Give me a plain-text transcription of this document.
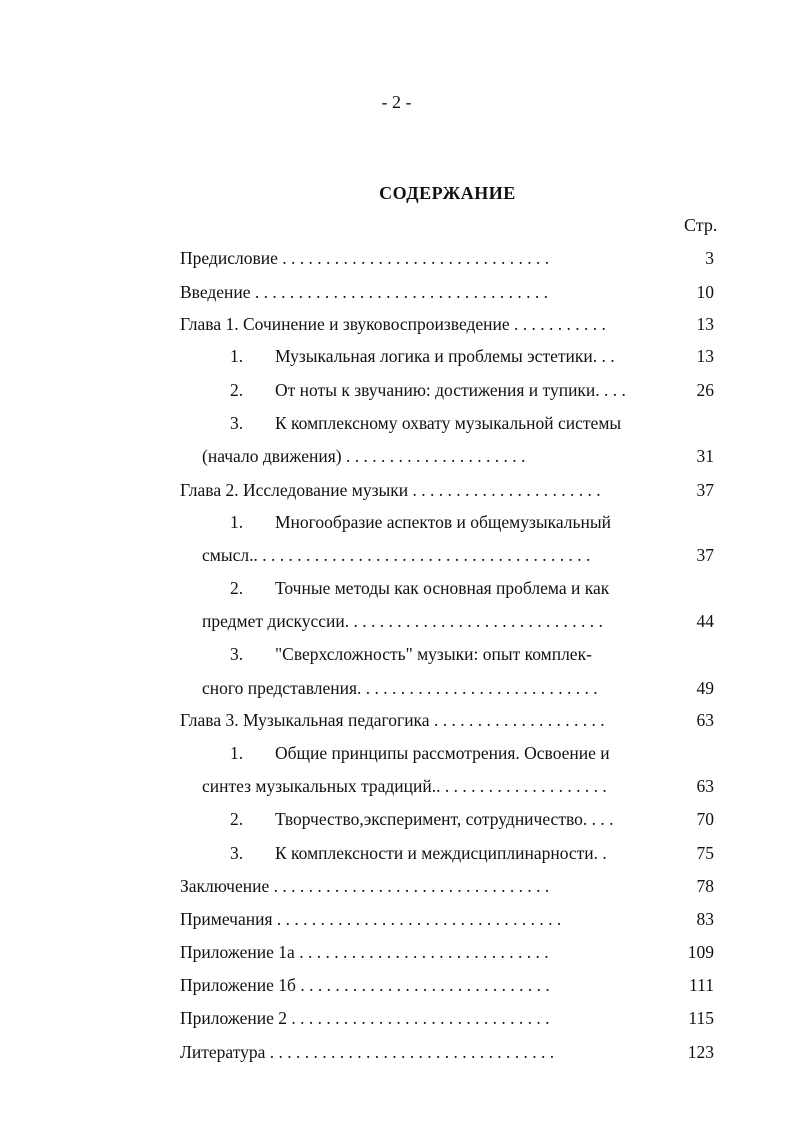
- 2 -
СОДЕРЖАНИЕ
Стр.
Предисловие . . . . . . . . . . . . . . . . . . . . . . . . . . . . . . .	3
Введение . . . . . . . . . . . . . . . . . . . . . . . . . . . . . . . . . .	10
Глава 1. Сочинение и звуковоспроизведение . . . . . . . . . . .	13
1. Музыкальная логика и проблемы эстетики. . .	13
2. От ноты к звучанию: достижения и тупики. . . .	26
3. К комплексному охвату музыкальной системы
(начало движения) . . . . . . . . . . . . . . . . . . . . .	31
Глава 2. Исследование музыки . . . . . . . . . . . . . . . . . . . . . .	37
1. Многообразие аспектов и общемузыкальный
смысл.. . . . . . . . . . . . . . . . . . . . . . . . . . . . . . . . . . . . . . .	37
2. Точные методы как основная проблема и как
предмет дискуссии. . . . . . . . . . . . . . . . . . . . . . . . . . . . . .	44
3. "Сверхсложность" музыки: опыт комплек-
сного представления. . . . . . . . . . . . . . . . . . . . . . . . . . . .	49
Глава 3. Музыкальная педагогика . . . . . . . . . . . . . . . . . . . .	63
1. Общие принципы рассмотрения. Освоение и
синтез музыкальных традиций.. . . . . . . . . . . . . . . . . . . .	63
2. Творчество,эксперимент, сотрудничество. . . .	70
3. К комплексности и междисциплинарности. .	75
Заключение . . . . . . . . . . . . . . . . . . . . . . . . . . . . . . . .	78
Примечания . . . . . . . . . . . . . . . . . . . . . . . . . . . . . . . . .	83
Приложение 1а . . . . . . . . . . . . . . . . . . . . . . . . . . . . .	109
Приложение 1б . . . . . . . . . . . . . . . . . . . . . . . . . . . . .	111
Приложение 2 . . . . . . . . . . . . . . . . . . . . . . . . . . . . . .	115
Литература . . . . . . . . . . . . . . . . . . . . . . . . . . . . . . . . .	123
